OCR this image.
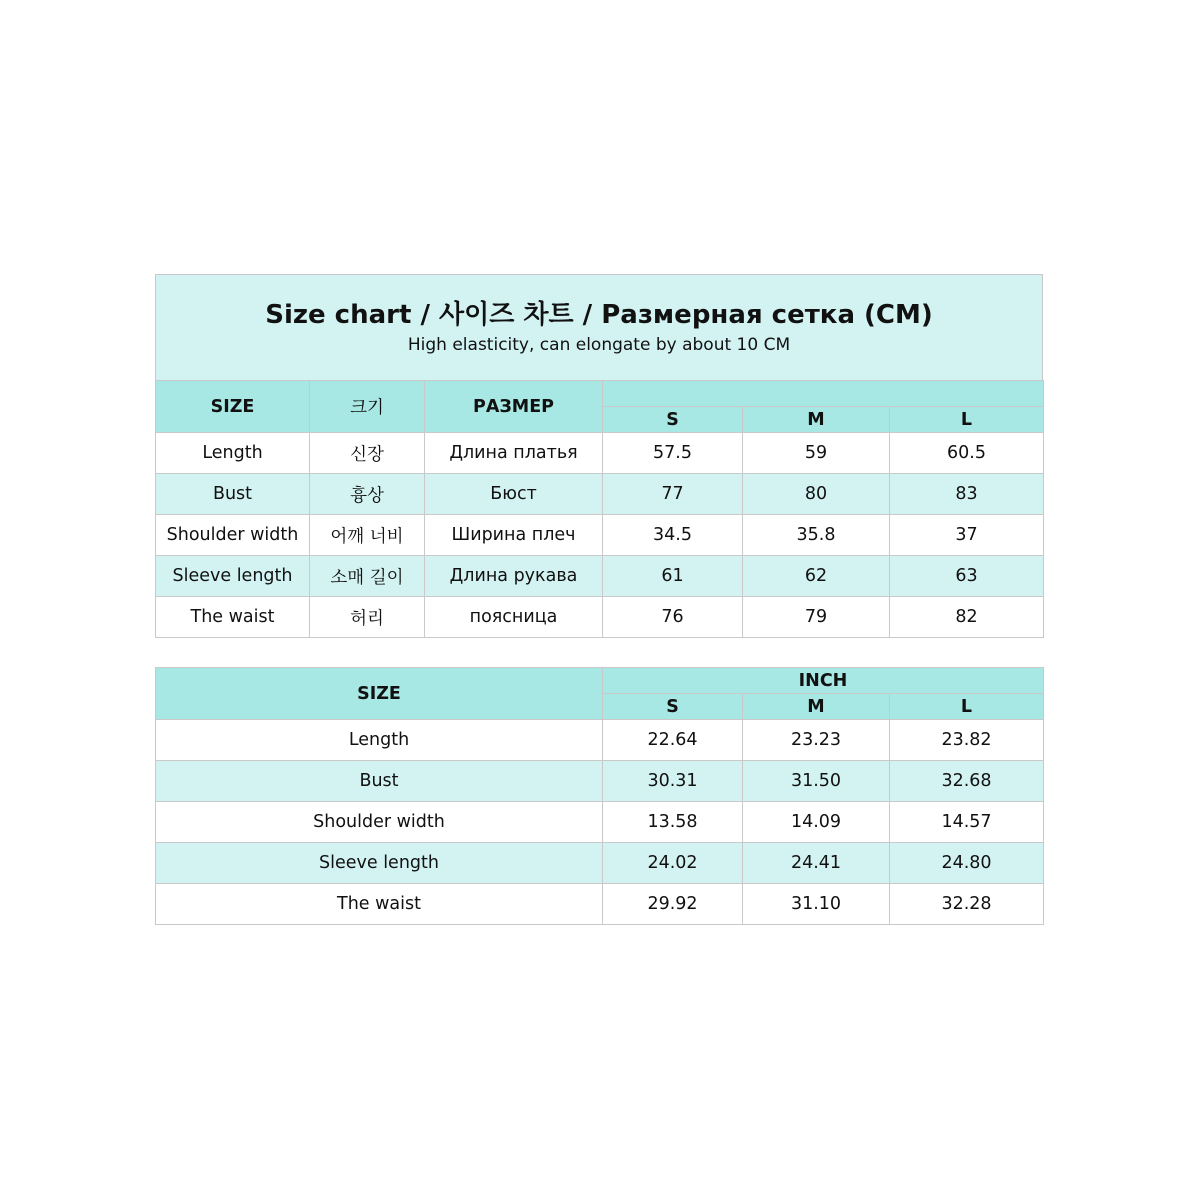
Size chart / 사이즈 차트 / Размерная сетка (CM)
High elasticity, can elongate by about 10 CM
SIZE	크기	РАЗМЕР			
			S	M	L
Length	신장	Длина платья	57.5	59	60.5
Bust	흉상	Бюст	77	80	83
Shoulder width	어깨 너비	Ширина плеч	34.5	35.8	37
Sleeve length	소매 길이	Длина рукава	61	62	63
The waist	허리	поясница	76	79	82
SIZE	INCH		
	S	M	L
Length	22.64	23.23	23.82
Bust	30.31	31.50	32.68
Shoulder width	13.58	14.09	14.57
Sleeve length	24.02	24.41	24.80
The waist	29.92	31.10	32.28
